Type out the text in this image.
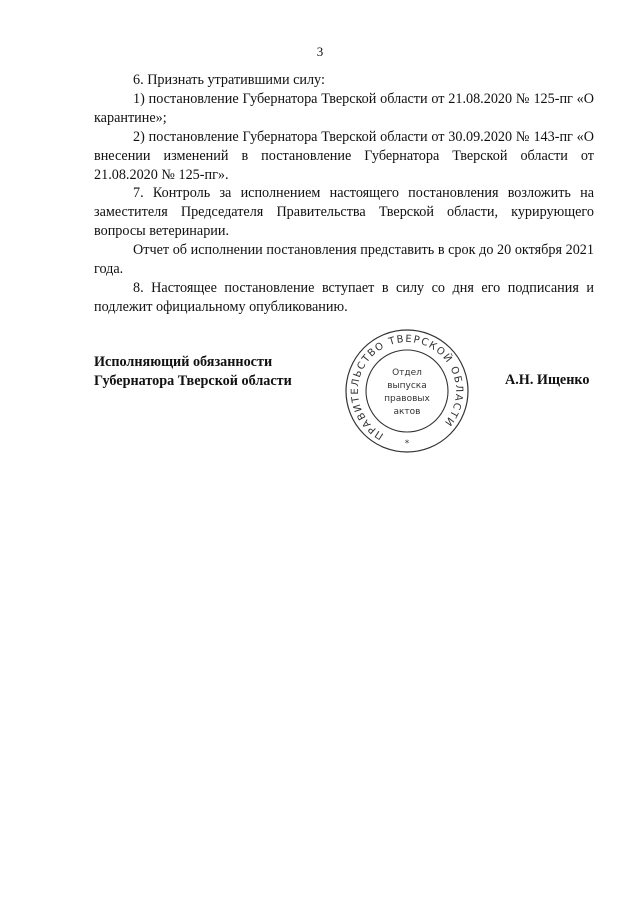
3

6. Признать утратившими силу:

1) постановление Губернатора Тверской области от 21.08.2020 № 125-пг «О карантине»;

2) постановление Губернатора Тверской области от 30.09.2020 № 143-пг «О внесении изменений в постановление Губернатора Тверской области от 21.08.2020 № 125-пг».

7. Контроль за исполнением настоящего постановления возложить на заместителя Председателя Правительства Тверской области, курирующего вопросы ветеринарии.

Отчет об исполнении постановления представить в срок до 20 октября 2021 года.

8. Настоящее постановление вступает в силу со дня его подписания и подлежит официальному опубликованию.

Исполняющий обязанности
Губернатора Тверской области
ПРАВИТЕЛЬСТВО ТВЕРСКОЙ ОБЛАСТИ
Отдел
выпуска
правовых
актов
*
А.Н. Ищенко
